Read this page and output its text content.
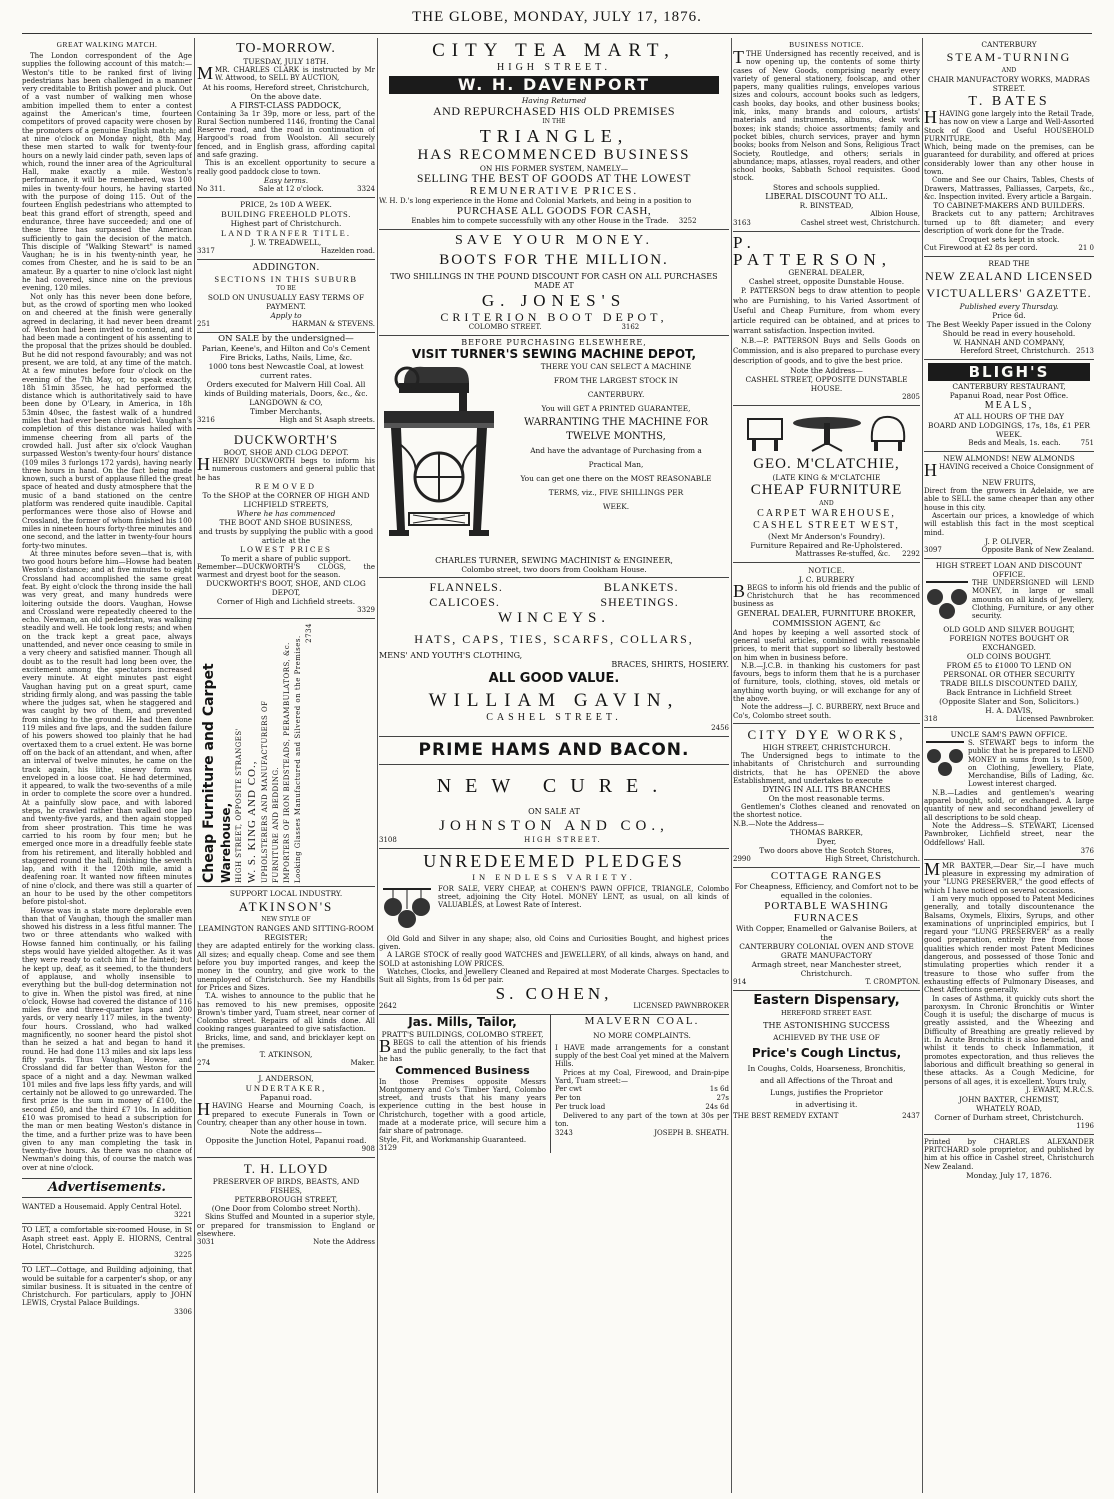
THE GLOBE, MONDAY, JULY 17, 1876.
GREAT WALKING MATCH.

The London correspondent of the Age supplies the following account of this match:—Weston's title to be ranked first of living pedestrians has been challenged in a manner very creditable to British power and pluck. Out of a vast number of walking men whose ambition impelled them to enter a contest against the American's time, fourteen competitors of proved capacity were chosen by the promoters of a genuine English match; and at nine o'clock on Monday night, 8th May, these men started to walk for twenty-four hours on a newly laid cinder path, seven laps of which, round the inner area of the Agricultural Hall, make exactly a mile. Weston's performance, it will be remembered, was 100 miles in twenty-four hours, he having started with the purpose of doing 115. Out of the fourteen English pedestrians who attempted to beat this grand effort of strength, speed and endurance, three have succeeded; and one of these three has surpassed the American sufficiently to gain the decision of the match. This disciple of "Walking Stewart" is named Vaughan; he is in his twenty-ninth year, he comes from Chester, and he is said to be an amateur. By a quarter to nine o'clock last night he had covered, since nine on the previous evening, 120 miles.

Not only has this never been done before, but, as the crowd of sporting men who looked on and cheered at the finish were generally agreed in declaring, it had never been dreamt of. Weston had been invited to contend, and it had been made a contingent of his assenting to the proposal that the prizes should be doubled. But he did not respond favourably; and was not present, we are told, at any time of the match. At a few minutes before four o'clock on the evening of the 7th May, or, to speak exactly, 18h 51min 35sec, he had performed the distance which is authoritatively said to have been done by O'Leary, in America, in 18h 53min 40sec, the fastest walk of a hundred miles that had ever been chronicled. Vaughan's completion of this distance was hailed with immense cheering from all parts of the crowded hall. Just after six o'clock Vaughan surpassed Weston's twenty-four hours' distance (109 miles 3 furlongs 172 yards), having nearly three hours in hand. On the fact being made known, such a burst of applause filled the great space of heated and dusty atmosphere that the music of a band stationed on the centre platform was rendered quite inaudible. Capital performances were those also of Howse and Crossland, the former of whom finished his 100 miles in nineteen hours forty-three minutes and one second, and the latter in twenty-four hours forty-two minutes.

At three minutes before seven—that is, with two good hours before him—Howse had beaten Weston's distance; and at five minutes to eight Crossland had accomplished the same great feat. By eight o'clock the throng inside the hall was very great, and many hundreds were loitering outside the doors. Vaughan, Howse and Crossland were repeatedly cheered to the echo. Newman, an old pedestrian, was walking steadily and well. He took long rests; and when on the track kept a great pace, always unattended, and never once ceasing to smile in a very cheery and satisfied manner. Though all doubt as to the result had long been over, the excitement among the spectators increased every minute. At eight minutes past eight Vaughan having put on a great spurt, came striding firmly along, and was passing the table where the judges sat, when he staggered and was caught by two of them, and prevented from sinking to the ground. He had then done 119 miles and five laps, and the sudden failure of his powers showed too plainly that he had overtaxed them to a cruel extent. He was borne off on the back of an attendant, and when, after an interval of twelve minutes, he came on the track again, his lithe, sinewy form was enveloped in a loose coat. He had determined, it appeared, to walk the two-sevenths of a mile in order to complete the score over a hundred. At a painfully slow pace, and with labored steps, he crawled rather than walked one lap and twenty-five yards, and then again stopped from sheer prostration. This time he was carried to his room by four men; but he emerged once more in a dreadfully feeble state from his retirement, and literally hobbled and staggered round the hall, finishing the seventh lap, and with it the 120th mile, amid a deafening roar. It wanted now fifteen minutes of nine o'clock, and there was still a quarter of an hour to be used by the other competitors before pistol-shot.

Howse was in a state more deplorable even than that of Vaughan, though the smaller man showed his distress in a less fitful manner. The two or three attendants who walked with Howse fanned him continually, or his failing steps would have yielded altogether. As it was they were ready to catch him if he fainted; but he kept up, deaf, as it seemed, to the thunders of applause, and wholly insensible to everything but the bull-dog determination not to give in. When the pistol was fired, at nine o'clock, Howse had covered the distance of 116 miles five and three-quarter laps and 200 yards, or very nearly 117 miles, in the twenty-four hours. Crossland, who had walked magnificently, no sooner heard the pistol shot than he seized a hat and began to hand it round. He had done 113 miles and six laps less fifty yards. Thus Vaughan, Howse, and Crossland did far better than Weston for the space of a night and a day. Newman walked 101 miles and five laps less fifty yards, and will certainly not be allowed to go unrewarded. The first prize is the sum in money of £100, the second £50, and the third £7 10s. In addition £10 was promised to head a subscription for the man or men beating Weston's distance in the time, and a further prize was to have been given to any man completing the task in twenty-five hours. As there was no chance of Newman's doing this, of course the match was over at nine o'clock.

Advertisements.

WANTED a Housemaid. Apply Central Hotel.

3221

TO LET, a comfortable six-roomed House, in St Asaph street east. Apply E. HIORNS, Central Hotel, Christchurch.

3225

TO LET—Cottage, and Building adjoining, that would be suitable for a carpenter's shop, or any similar business. It is situated in the centre of Christchurch. For particulars, apply to JOHN LEWIS, Crystal Palace Buildings.

3306
TO-MORROW.

TUESDAY, JULY 18TH.

MMR. CHARLES CLARK is instructed by Mr W. Attwood, to SELL BY AUCTION,

At his rooms, Hereford street, Christchurch, On the above date.

A FIRST-CLASS PADDOCK,

Containing 3a 1r 39p, more or less, part of the Rural Section numbered 1146, fronting the Canal Reserve road, and the road in continuation of Hargood's road from Woolston. All securely fenced, and in English grass, affording capital and safe grazing.

This is an excellent opportunity to secure a really good paddock close to town.

Easy terms.

No 311.	Sale at 12 o'clock.	3324

PRICE, 2s 10D A WEEK.

BUILDING FREEHOLD PLOTS.

Highest part of Christchurch.

LAND TRANFER TITLE.

J. W. TREADWELL,

3317	Hazelden road.
ADDINGTON.
SECTIONS IN THIS SUBURB

TO BE

SOLD ON UNUSUALLY EASY TERMS OF PAYMENT.

Apply to

251	HARMAN & STEVENS.

ON SALE by the undersigned—

Parian, Keene's, and Hilton and Co's Cement

Fire Bricks, Laths, Nails, Lime, &c.

1000 tons best Newcastle Coal, at lowest current rates.

Orders executed for Malvern Hill Coal. All kinds of Building materials, Doors, &c., &c.

LANGDOWN & CO,

Timber Merchants,

3216	High and St Asaph streets.
DUCKWORTH'S

BOOT, SHOE AND CLOG DEPOT.

HHENRY DUCKWORTH begs to inform his numerous customers and general public that he has

REMOVED

To the SHOP at the CORNER OF HIGH AND LICHFIELD STREETS,

Where he has commenced

THE BOOT AND SHOE BUSINESS,

and trusts by supplying the public with a good article at the

LOWEST PRICES

To merit a share of public support.

Remember—DUCKWORTH'S CLOGS, the warmest and dryest boot for the season.

DUCKWORTH'S BOOT, SHOE, AND CLOG DEPOT,

Corner of High and Lichfield streets.

3329
Cheap Furniture and Carpet Warehouse, HIGH STREET, OPPOSITE STRANGES' W. S. KING AND CO., UPHOLSTERERS AND MANUFACTURERS OF FURNITURE AND BEDDING. IMPORTERS OF IRON BEDSTEADS, PERAMBULATORS, &c. Looking Glasses Manufactured and Silvered on the Premises.
2734

SUPPORT LOCAL INDUSTRY.

ATKINSON'S

NEW STYLE OF

LEAMINGTON RANGES AND SITTING-ROOM REGISTER;

they are adapted entirely for the working class. All sizes; and equally cheap. Come and see them before you buy imported ranges, and keep the money in the country, and give work to the unemployed of Christchurch. See my Handbills for Prices and Sizes.

T.A. wishes to announce to the public that he has removed to his new premises, opposite Brown's timber yard, Tuam street, near corner of Colombo street. Repairs of all kinds done. All cooking ranges guaranteed to give satisfaction.

Bricks, lime, and sand, and bricklayer kept on the premises.

T. ATKINSON,

274	Maker.

J. ANDERSON,

UNDERTAKER,

Papanui road.

HHAVING Hearse and Mourning Coach, is prepared to execute Funerals in Town or Country, cheaper than any other house in town.

Note the address—

Opposite the Junction Hotel, Papanui road.

908
T. H. LLOYD

PRESERVER OF BIRDS, BEASTS, AND FISHES,

PETERBOROUGH STREET,

(One Door from Colombo street North).

Skins Stuffed and Mounted in a superior style, or prepared for transmission to England or elsewhere.

3031	Note the Address
CITY TEA MART,
HIGH STREET.
W. H. DAVENPORT

Having Returned

AND REPURCHASED HIS OLD PREMISES

IN THE

TRIANGLE,
HAS RECOMMENCED BUSINESS

ON HIS FORMER SYSTEM, NAMELY—

SELLING THE BEST OF GOODS AT THE LOWEST
REMUNERATIVE PRICES.

W. H. D.'s long experience in the Home and Colonial Markets, and being in a position to

PURCHASE ALL GOODS FOR CASH,
Enables him to compete successfully with any other House in the Trade. 3252
SAVE YOUR MONEY.
BOOTS FOR THE MILLION.

TWO SHILLINGS IN THE POUND DISCOUNT FOR CASH ON ALL PURCHASES MADE AT

G. JONES'S
CRITERION BOOT DEPOT,
COLOMBO STREET.	3162

BEFORE PURCHASING ELSEWHERE,

VISIT TURNER'S SEWING MACHINE DEPOT,

THERE YOU CAN SELECT A MACHINE

FROM THE LARGEST STOCK IN

CANTERBURY.

You will GET A PRINTED GUARANTEE,

WARRANTING THE MACHINE FOR

TWELVE MONTHS,

And have the advantage of Purchasing from a

Practical Man,

You can get one there on the MOST REASONABLE

TERMS, viz., FIVE SHILLINGS PER

WEEK.

CHARLES TURNER, SEWING MACHINIST & ENGINEER,

Colombo street, two doors from Cookham House.

FLANNELS.	BLANKETS.
CALICOES.	SHEETINGS.
WINCEYS.
HATS, CAPS, TIES, SCARFS, COLLARS,

MENS' AND YOUTH'S CLOTHING,

BRACES, SHIRTS, HOSIERY.

ALL GOOD VALUE.
WILLIAM GAVIN,
CASHEL STREET.
2456
PRIME HAMS AND BACON.
NEW CURE.

ON SALE AT

JOHNSTON AND CO.,
3108	HIGH STREET.
UNREDEEMED PLEDGES
IN ENDLESS VARIETY.

FOR SALE, VERY CHEAP, at COHEN'S PAWN OFFICE, TRIANGLE, Colombo street, adjoining the City Hotel. MONEY LENT, as usual, on all kinds of VALUABLES, at Lowest Rate of Interest.

Old Gold and Silver in any shape; also, old Coins and Curiosities Bought, and highest prices given.

A LARGE STOCK of really good WATCHES and JEWELLERY, of all kinds, always on hand, and SOLD at astonishing LOW PRICES.

Watches, Clocks, and Jewellery Cleaned and Repaired at most Moderate Charges. Spectacles to Suit all Sights, from 1s 6d per pair.

S. COHEN,
2642	LICENSED PAWNBROKER
Jas. Mills, Tailor,

PRATT'S BUILDINGS, COLOMBO STREET,

BBEGS to call the attention of his friends and the public generally, to the fact that he has

Commenced Business

In those Premises opposite Messrs Montgomery and Co's Timber Yard, Colombo street, and trusts that his many years experience cutting in the best house in Christchurch, together with a good article, made at a moderate price, will secure him a fair share of patronage.

Style, Fit, and Workmanship Guaranteed.

3129
MALVERN COAL.

NO MORE COMPLAINTS.

I HAVE made arrangements for a constant supply of the best Coal yet mined at the Malvern Hills.

Prices at my Coal, Firewood, and Drain-pipe Yard, Tuam street:—

Per cwt	1s 6d
Per ton	27s
Per truck load	24s 6d

Delivered to any part of the town at 30s per ton.

3243	JOSEPH B. SHEATH.
BUSINESS NOTICE.

TTHE Undersigned has recently received, and is now opening up, the contents of some thirty cases of New Goods, comprising nearly every variety of general stationery, foolscap, and other papers, many qualities rulings, envelopes various sizes and colours, account books such as ledgers, cash books, day books, and other business books; ink, inks, many brands and colours, artists' materials and instruments, albums, desk work boxes; ink stands; choice assortments; family and pocket bibles, church services, prayer and hymn books; books from Nelson and Sons, Religious Tract Society, Routledge, and others; serials in abundance; maps, atlasses, royal readers, and other school books, Sabbath School requisites. Good stock.

Stores and schools supplied.

LIBERAL DISCOUNT TO ALL.

R. BINSTEAD,

Albion House,

3163	Cashel street west, Christchurch.
P. PATTERSON,

GENERAL DEALER,

Cashel street, opposite Dunstable House.

P. PATTERSON begs to draw attention to people who are Furnishing, to his Varied Assortment of Useful and Cheap Furniture, from whom every article required can be obtained, and at prices to warrant satisfaction. Inspection invited.

N.B.—P. PATTERSON Buys and Sells Goods on Commission, and is also prepared to purchase every description of goods, and to give the best price.

Note the Address—

CASHEL STREET, OPPOSITE DUNSTABLE HOUSE.

2805
GEO. M'CLATCHIE,

(LATE KING & M'CLATCHIE

CHEAP FURNITURE

AND

CARPET WAREHOUSE,
CASHEL STREET WEST,

(Next Mr Anderson's Foundry).

Furniture Repaired and Re-Upholstered.

Mattrasses Re-stuffed, &c. 2292
NOTICE.

J. C. BURBERY

BBEGS to inform his old friends and the public of Christchurch that he has recommenced business as

GENERAL DEALER, FURNITURE BROKER, COMMISSION AGENT, &c

And hopes by keeping a well assorted stock of general useful articles, combined with reasonable prices, to merit that support so liberally bestowed on him when in business before.

N.B.—J.C.B. in thanking his customers for past favours, begs to inform them that he is a purchaser of furniture, tools, clothing, stoves, old metals or anything worth buying, or will exchange for any of the above.

Note the address—J. C. BURBERY, next Bruce and Co's, Colombo street south.

CITY DYE WORKS,

HIGH STREET, CHRISTCHURCH.

The Undersigned begs to intimate to the inhabitants of Christchurch and surrounding districts, that he has OPENED the above Establishment, and undertakes to execute

DYING IN ALL ITS BRANCHES

On the most reasonable terms.

Gentlemen's Clothes cleaned and renovated on the shortest notice.

N.B.—Note the Address—

THOMAS BARKER,

Dyer,

Two doors above the Scotch Stores,

2990	High Street, Christchurch.
COTTAGE RANGES

For Cheapness, Efficiency, and Comfort not to be equalled in the colonies.

PORTABLE WASHING
FURNACES

With Copper, Enamelled or Galvanise Boilers, at the

CANTERBURY COLONIAL OVEN AND STOVE GRATE MANUFACTORY

Armagh street, near Manchester street, Christchurch.

914	T. CROMPTON.
Eastern Dispensary,

HEREFORD STREET EAST.

THE ASTONISHING SUCCESS

ACHIEVED BY THE USE OF

Price's Cough Linctus,

In Coughs, Colds, Hoarseness, Bronchitis,

and all Affections of the Throat and

Lungs, justifies the Proprietor

in advertising it.

THE BEST REMEDY EXTANT	2437

CANTERBURY

STEAM-TURNING

AND

CHAIR MANUFACTORY WORKS, MADRAS STREET.

T. BATES

HHAVING gone largely into the Retail Trade, has now on view a Large and Well-Assorted Stock of Good and Useful HOUSEHOLD FURNITURE,

Which, being made on the premises, can be guaranteed for durability, and offered at prices considerably lower than any other house in town.

Come and See our Chairs, Tables, Chests of Drawers, Mattrasses, Palliasses, Carpets, &c., &c. Inspection invited. Every article a Bargain.

TO CABINET-MAKERS AND BUILDERS.

Brackets cut to any pattern; Architraves turned up to 8ft diameter; and every description of work done for the Trade.

Croquet sets kept in stock.

Cut Firewood at £2 8s per cord.	21 0

READ THE

NEW ZEALAND LICENSED
VICTUALLERS' GAZETTE.

Published every Thursday.

Price 6d.

The Best Weekly Paper issued in the Colony Should be read in every household.

W. HANNAH AND COMPANY,

Hereford Street, Christchurch. 2513
BLIGH'S

CANTERBURY RESTAURANT,

Papanui Road, near Post Office.

MEALS,

AT ALL HOURS OF THE DAY

BOARD AND LODGINGS, 17s, 18s, £1 PER WEEK.

Beds and Meals, 1s. each.	751

NEW ALMONDS! NEW ALMONDS

HHAVING received a Choice Consignment of

NEW FRUITS,

Direct from the growers in Adelaide, we are able to SELL the same cheaper than any other house in this city.

Ascertain our prices, a knowledge of which will establish this fact in the most sceptical mind.

J. P. OLIVER,

3097	Opposite Bank of New Zealand.

HIGH STREET LOAN AND DISCOUNT OFFICE.

THE UNDERSIGNED will LEND MONEY, in large or small amounts on all kinds of Jewellery, Clothing, Furniture, or any other security.

OLD GOLD AND SILVER BOUGHT, FOREIGN NOTES BOUGHT OR EXCHANGED.

OLD COINS BOUGHT.

FROM £5 to £1000 TO LEND ON PERSONAL OR OTHER SECURITY

TRADE BILLS DISCOUNTED DAILY,

Back Entrance in Lichfield Street

(Opposite Slater and Son, Solicitors.)

H. A. DAVIS,

318	Licensed Pawnbroker.

UNCLE SAM'S PAWN OFFICE.

S. STEWART begs to inform the public that he is prepared to LEND MONEY in sums from 1s to £500, on Clothing, Jewellery, Plate, Merchandise, Bills of Lading, &c. Lowest interest charged.

N.B.—Ladies and gentlemen's wearing apparel bought, sold, or exchanged. A large quantity of new and secondhand jewellery of all descriptions to be sold cheap.

Note the Address—S. STEWART, Licensed Pawnbroker, Lichfield street, near the Oddfellows' Hall.

376

MMR BAXTER,—Dear Sir,—I have much pleasure in expressing my admiration of your "LUNG PRESERVER," the good effects of which I have noticed on several occasions.

I am very much opposed to Patent Medicines generally, and totally discountenance the Balsams, Oxymels, Elixirs, Syrups, and other examinations of unprincipled empirics, but I regard your "LUNG PRESERVER" as a really good preparation, entirely free from those qualities which render most Patent Medicines dangerous, and possessed of those Tonic and stimulating properties which render it a treasure to those who suffer from the exhausting effects of Pulmonary Diseases, and Chest Affections generally.

In cases of Asthma, it quickly cuts short the paroxysm. In Chronic Bronchitis or Winter Cough it is useful; the discharge of mucus is greatly assisted, and the Wheezing and Difficulty of Breathing are greatly relieved by it. In Acute Bronchitis it is also beneficial, and whilst it tends to check Inflammation, it promotes expectoration, and thus relieves the laborious and difficult breathing so general in these attacks. As a Cough Medicine, for persons of all ages, it is excellent. Yours truly,

J. EWART, M.R.C.S.

JOHN BAXTER, CHEMIST,

WHATELY ROAD,

Corner of Durham street, Christchurch.

1196

Printed by CHARLES ALEXANDER PRITCHARD sole proprietor, and published by him at his office in Cashel street, Christchurch New Zealand.

Monday, July 17, 1876.
